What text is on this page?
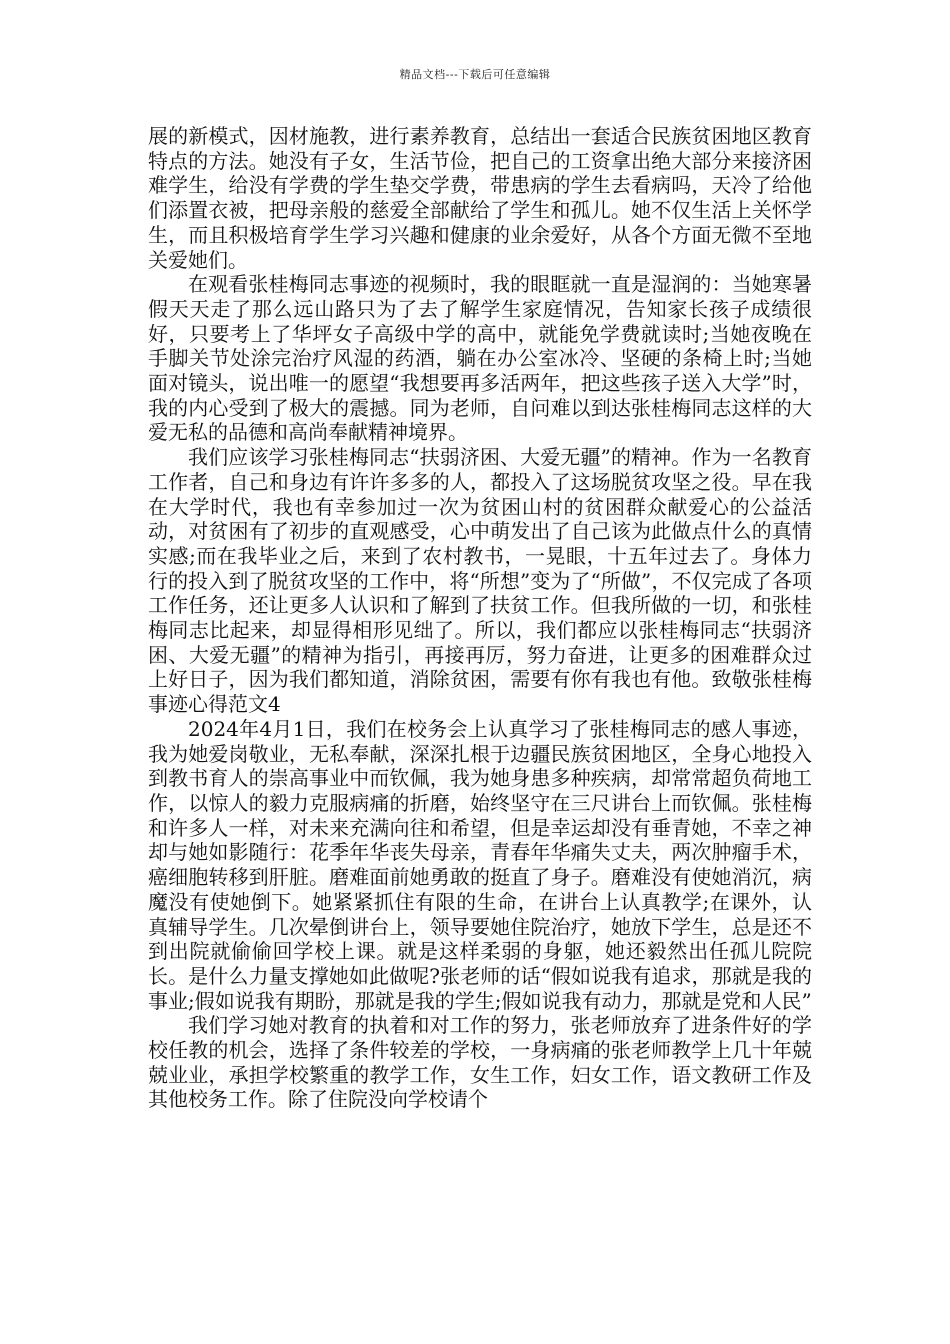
精品文档---下载后可任意编辑

展的新模式，因材施教，进行素养教育，总结出一套适合民族贫困地区教育特点的方法。她没有子女，生活节俭，把自己的工资拿出绝大部分来接济困难学生，给没有学费的学生垫交学费，带患病的学生去看病吗，天冷了给他们添置衣被，把母亲般的慈爱全部献给了学生和孤儿。她不仅生活上关怀学生，而且积极培育学生学习兴趣和健康的业余爱好，从各个方面无微不至地关爱她们。

在观看张桂梅同志事迹的视频时，我的眼眶就一直是湿润的：当她寒暑假天天走了那么远山路只为了去了解学生家庭情况，告知家长孩子成绩很好，只要考上了华坪女子高级中学的高中，就能免学费就读时;当她夜晚在手脚关节处涂完治疗风湿的药酒，躺在办公室冰冷、坚硬的条椅上时;当她面对镜头，说出唯一的愿望“我想要再多活两年，把这些孩子送入大学”时，我的内心受到了极大的震撼。同为老师，自问难以到达张桂梅同志这样的大爱无私的品德和高尚奉献精神境界。

我们应该学习张桂梅同志“扶弱济困、大爱无疆”的精神。作为一名教育工作者，自己和身边有许许多多的人，都投入了这场脱贫攻坚之役。早在我在大学时代，我也有幸参加过一次为贫困山村的贫困群众献爱心的公益活动，对贫困有了初步的直观感受，心中萌发出了自己该为此做点什么的真情实感;而在我毕业之后，来到了农村教书，一晃眼，十五年过去了。身体力行的投入到了脱贫攻坚的工作中，将“所想”变为了“所做”，不仅完成了各项工作任务，还让更多人认识和了解到了扶贫工作。但我所做的一切，和张桂梅同志比起来，却显得相形见绌了。所以，我们都应以张桂梅同志“扶弱济困、大爱无疆”的精神为指引，再接再厉，努力奋进，让更多的困难群众过上好日子，因为我们都知道，消除贫困，需要有你有我也有他。致敬张桂梅事迹心得范文4

2024年4月1日，我们在校务会上认真学习了张桂梅同志的感人事迹，我为她爱岗敬业，无私奉献，深深扎根于边疆民族贫困地区，全身心地投入到教书育人的崇高事业中而钦佩，我为她身患多种疾病，却常常超负荷地工作，以惊人的毅力克服病痛的折磨，始终坚守在三尺讲台上而钦佩。张桂梅和许多人一样，对未来充满向往和希望，但是幸运却没有垂青她，不幸之神却与她如影随行：花季年华丧失母亲，青春年华痛失丈夫，两次肿瘤手术，癌细胞转移到肝脏。磨难面前她勇敢的挺直了身子。磨难没有使她消沉，病魔没有使她倒下。她紧紧抓住有限的生命，在讲台上认真教学;在课外，认真辅导学生。几次晕倒讲台上，领导要她住院治疗，她放下学生，总是还不到出院就偷偷回学校上课。就是这样柔弱的身躯，她还毅然出任孤儿院院长。是什么力量支撑她如此做呢?张老师的话“假如说我有追求，那就是我的事业;假如说我有期盼，那就是我的学生;假如说我有动力，那就是党和人民”

我们学习她对教育的执着和对工作的努力，张老师放弃了进条件好的学校任教的机会，选择了条件较差的学校，一身病痛的张老师教学上几十年兢兢业业，承担学校繁重的教学工作，女生工作，妇女工作，语文教研工作及其他校务工作。除了住院没向学校请个
